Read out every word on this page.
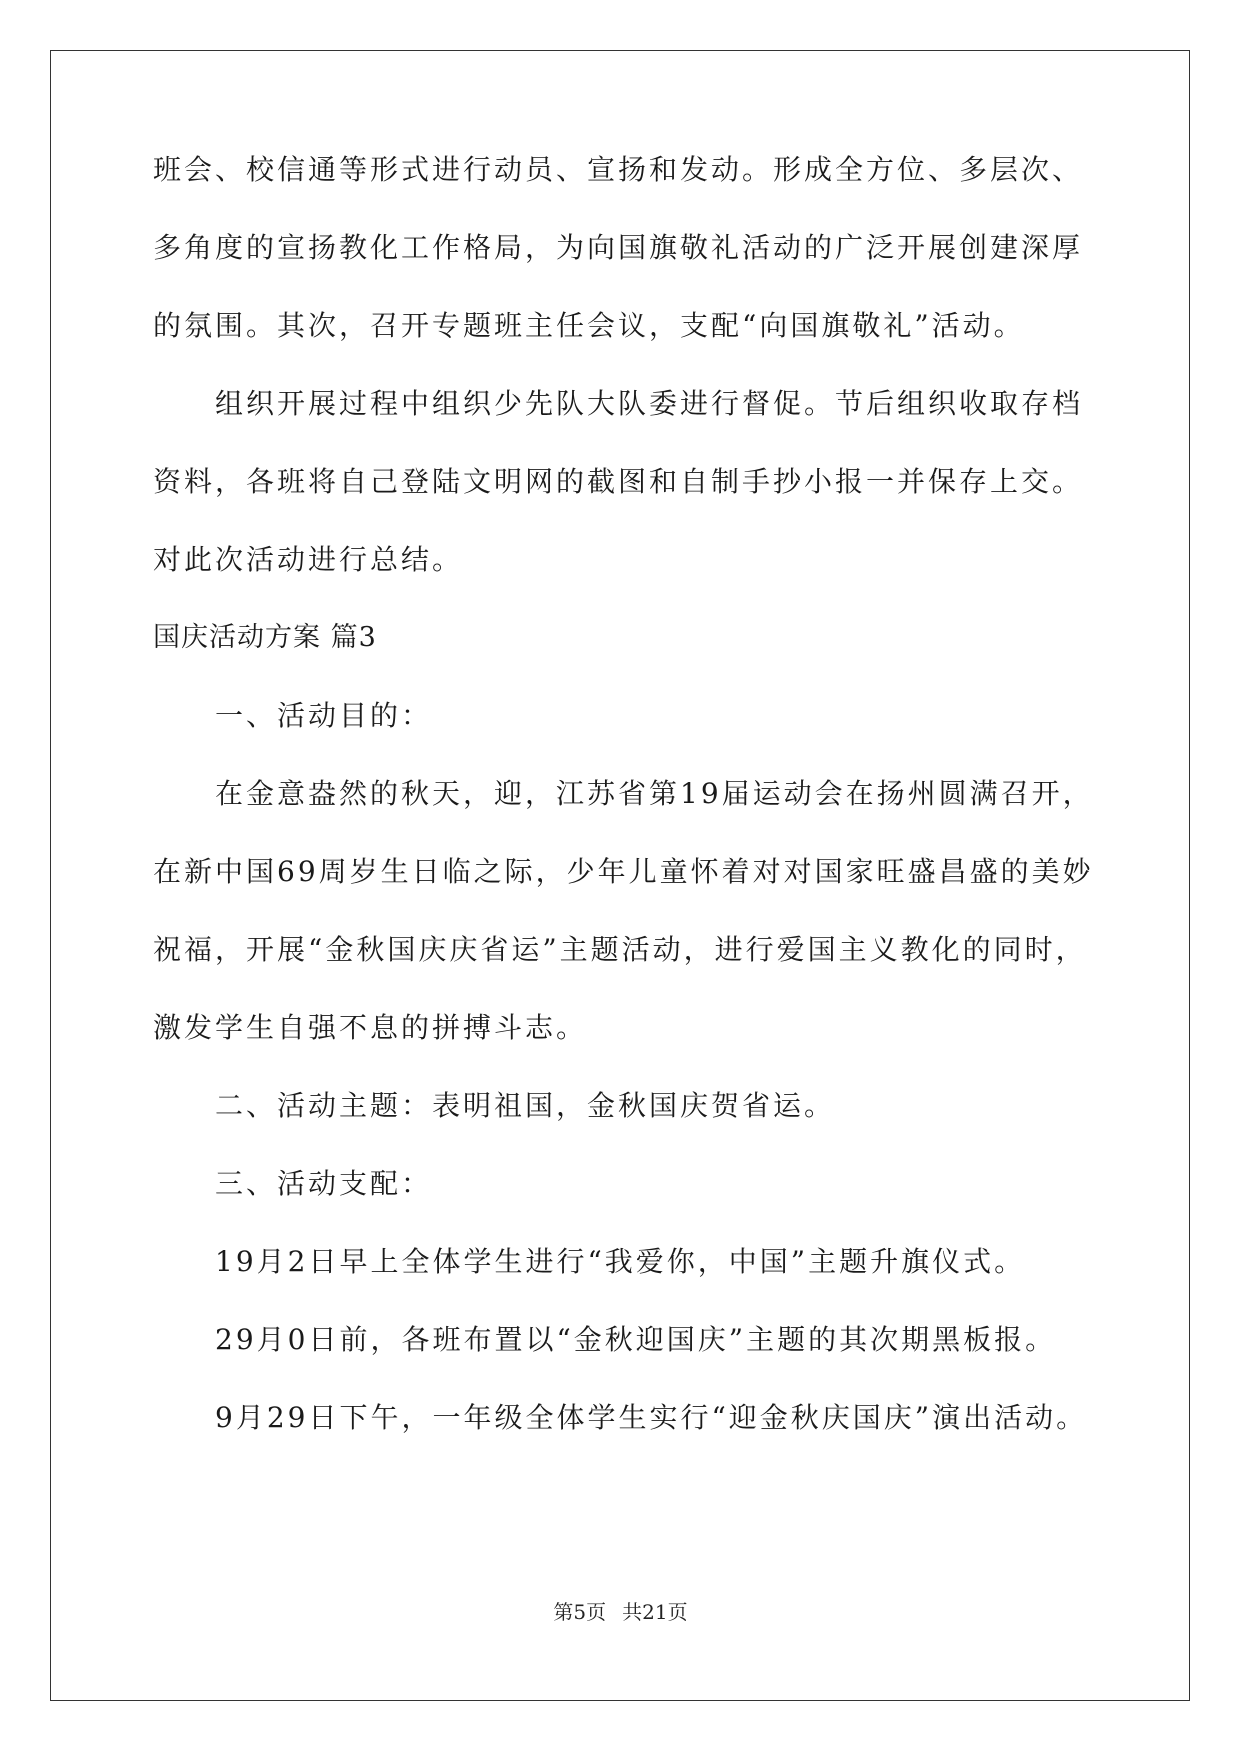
班会、校信通等形式进行动员、宣扬和发动。形成全方位、多层次、
多角度的宣扬教化工作格局，为向国旗敬礼活动的广泛开展创建深厚
的氛围。其次，召开专题班主任会议，支配“向国旗敬礼”活动。
组织开展过程中组织少先队大队委进行督促。节后组织收取存档
资料，各班将自己登陆文明网的截图和自制手抄小报一并保存上交。
对此次活动进行总结。
国庆活动方案 篇3
一、活动目的：
在金意盎然的秋天，迎，江苏省第19届运动会在扬州圆满召开，
在新中国69周岁生日临之际，少年儿童怀着对对国家旺盛昌盛的美妙
祝福，开展“金秋国庆庆省运”主题活动，进行爱国主义教化的同时，
激发学生自强不息的拼搏斗志。
二、活动主题：表明祖国，金秋国庆贺省运。
三、活动支配：
19月2日早上全体学生进行“我爱你，中国”主题升旗仪式。
29月0日前，各班布置以“金秋迎国庆”主题的其次期黑板报。
9月29日下午，一年级全体学生实行“迎金秋庆国庆”演出活动。
第5页 共21页
